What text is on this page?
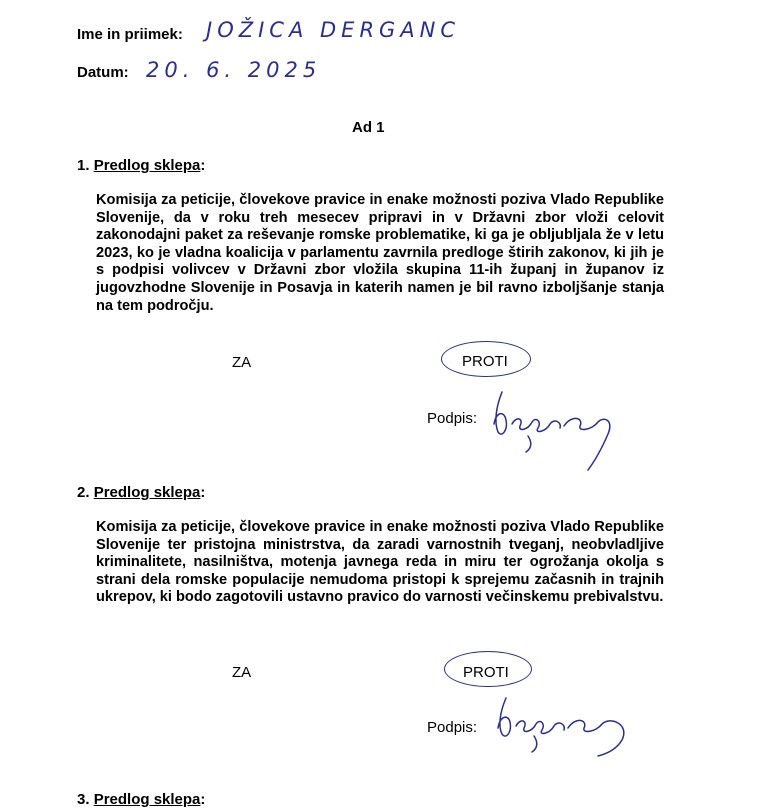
Ime in priimek: JOŽICA DERGANC
Datum: 20. 6. 2025
Ad 1
1. Predlog sklepa:
Komisija za peticije, človekove pravice in enake možnosti poziva Vlado Republike Slovenije, da v roku treh mesecev pripravi in v Državni zbor vloži celovit zakonodajni paket za reševanje romske problematike, ki ga je obljubljala že v letu 2023, ko je vladna koalicija v parlamentu zavrnila predloge štirih zakonov, ki jih je s podpisi volivcev v Državni zbor vložila skupina 11-ih županj in županov iz jugovzhodne Slovenije in Posavja in katerih namen je bil ravno izboljšanje stanja na tem področju.
ZA	PROTI
Podpis:
2. Predlog sklepa:
Komisija za peticije, človekove pravice in enake možnosti poziva Vlado Republike Slovenije ter pristojna ministrstva, da zaradi varnostnih tveganj, neobvladljive kriminalitete, nasilništva, motenja javnega reda in miru ter ogrožanja okolja s strani dela romske populacije nemudoma pristopi k sprejemu začasnih in trajnih ukrepov, ki bodo zagotovili ustavno pravico do varnosti večinskemu prebivalstvu.
ZA	PROTI
Podpis:
3. Predlog sklepa:
